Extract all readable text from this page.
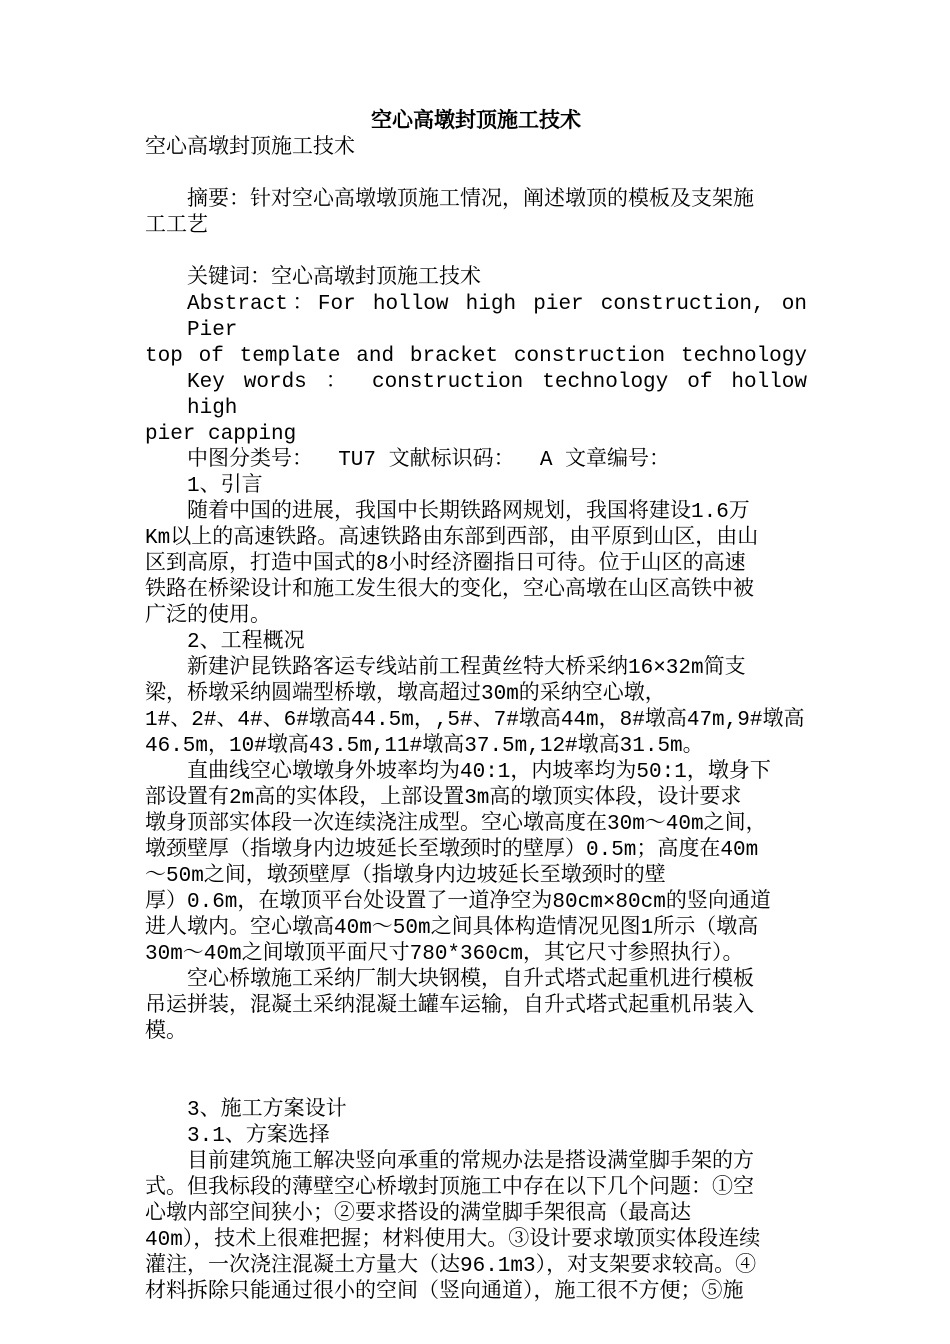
空心高墩封顶施工技术
空心高墩封顶施工技术
摘要：针对空心高墩墩顶施工情况，阐述墩顶的模板及支架施
工工艺
关键词：空心高墩封顶施工技术
Abstract：For hollow high pier construction, on Pier
top of template and bracket construction technology
Key words ： construction technology of hollow high
pier capping
中图分类号：  TU7 文献标识码：  A 文章编号：
1、引言
随着中国的进展，我国中长期铁路网规划，我国将建设1.6万
Km以上的高速铁路。高速铁路由东部到西部，由平原到山区，由山
区到高原，打造中国式的8小时经济圈指日可待。位于山区的高速
铁路在桥梁设计和施工发生很大的变化，空心高墩在山区高铁中被
广泛的使用。
2、工程概况
新建沪昆铁路客运专线站前工程黄丝特大桥采纳16×32m简支
梁，桥墩采纳圆端型桥墩，墩高超过30m的采纳空心墩，
1#、2#、4#、6#墩高44.5m，,5#、7#墩高44m，8#墩高47m,9#墩高
46.5m，10#墩高43.5m,11#墩高37.5m,12#墩高31.5m。
直曲线空心墩墩身外坡率均为40:1，内坡率均为50:1，墩身下
部设置有2m高的实体段，上部设置3m高的墩顶实体段，设计要求
墩身顶部实体段一次连续浇注成型。空心墩高度在30m～40m之间，
墩颈壁厚（指墩身内边坡延长至墩颈时的壁厚）0.5m；高度在40m
～50m之间，墩颈壁厚（指墩身内边坡延长至墩颈时的壁
厚）0.6m，在墩顶平台处设置了一道净空为80cm×80cm的竖向通道
进人墩内。空心墩高40m～50m之间具体构造情况见图1所示（墩高
30m～40m之间墩顶平面尺寸780*360cm，其它尺寸参照执行）。
空心桥墩施工采纳厂制大块钢模，自升式塔式起重机进行模板
吊运拼装，混凝土采纳混凝土罐车运输，自升式塔式起重机吊装入
模。
3、施工方案设计
3.1、方案选择
目前建筑施工解决竖向承重的常规办法是搭设满堂脚手架的方
式。但我标段的薄壁空心桥墩封顶施工中存在以下几个问题：①空
心墩内部空间狭小；②要求搭设的满堂脚手架很高（最高达
40m），技术上很难把握；材料使用大。③设计要求墩顶实体段连续
灌注，一次浇注混凝土方量大（达96.1m3），对支架要求较高。④
材料拆除只能通过很小的空间（竖向通道），施工很不方便；⑤施
